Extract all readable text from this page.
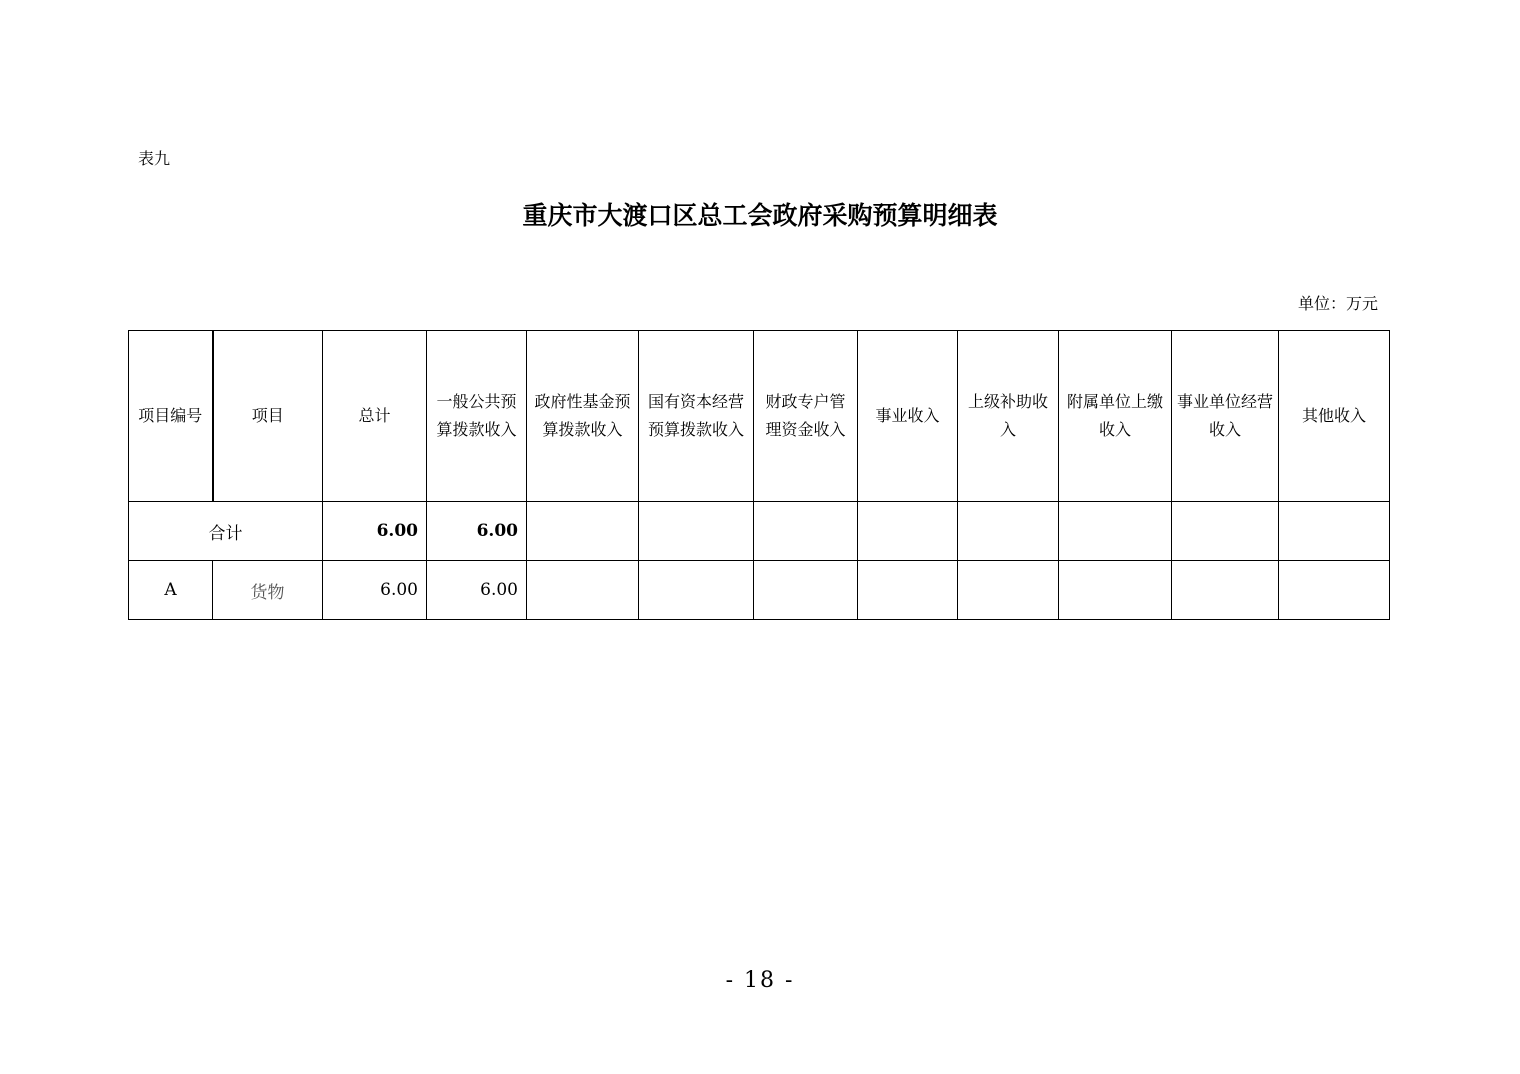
表九
重庆市大渡口区总工会政府采购预算明细表
单位：万元
项目编号	项目	总计	一般公共预算拨款收入	政府性基金预算拨款收入	国有资本经营预算拨款收入	财政专户管理资金收入	事业收入	上级补助收入	附属单位上缴收入	事业单位经营收入	其他收入
合计		6.00	6.00								
A	货物	6.00	6.00								
- 18 -
